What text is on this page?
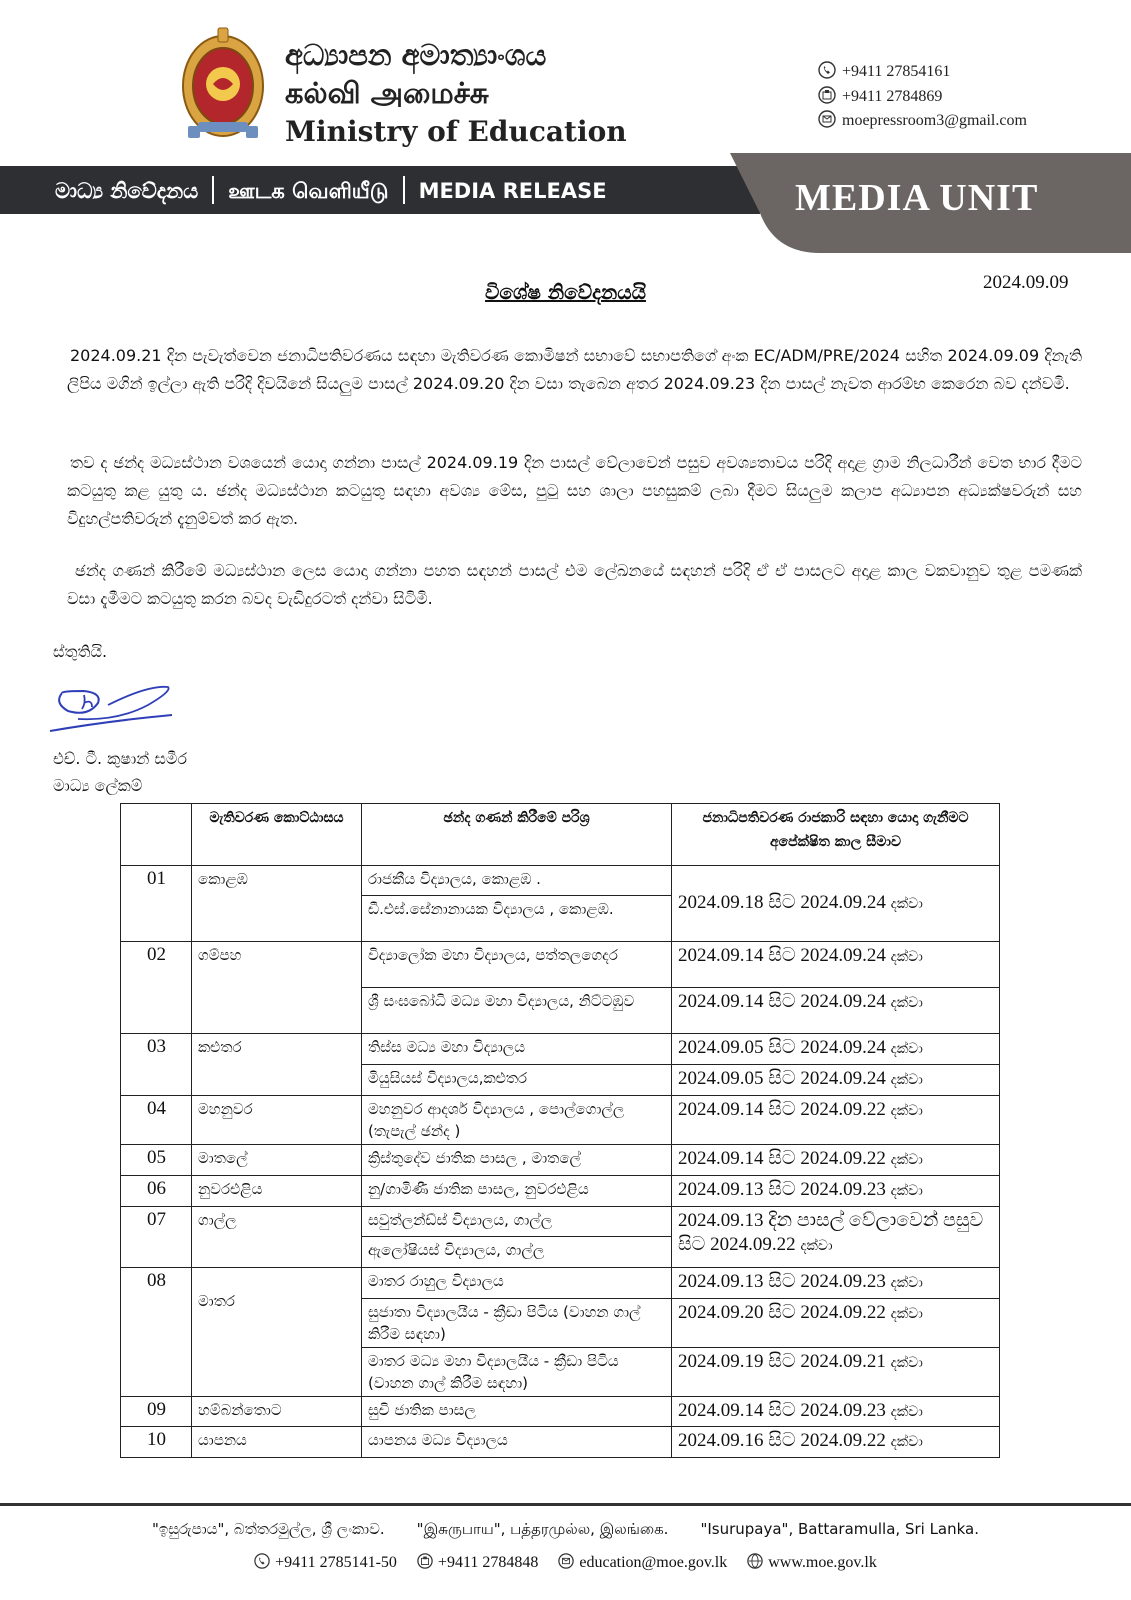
අධ්‍යාපන අමාත්‍යාංශය
கல்வி அமைச்சு
Ministry of Education
+9411 27854161
+9411 2784869
moepressroom3@gmail.com
මාධ්‍ය නිවේදනය ஊடக வெளியீடு MEDIA RELEASE	MEDIA UNIT
2024.09.09
විශේෂ නිවේදනයයි
2024.09.21 දින පැවැත්වෙන ජනාධිපතිවරණය සඳහා මැතිවරණ කොමිෂන් සභාවේ සභාපතිගේ අංක EC/ADM/PRE/2024 සහිත 2024.09.09 දිනැති ලිපිය මගින් ඉල්ලා ඇති පරිදි දිවයිනේ සියලුම පාසල් 2024.09.20 දින වසා තැබෙන අතර 2024.09.23 දින පාසල් නැවත ආරම්භ කෙරෙන බව දන්වමි.
තව ද ඡන්ද මධ්‍යස්ථාන වශයෙන් යොදා ගන්නා පාසල් 2024.09.19 දින පාසල් වේලාවෙන් පසුව අවශ්‍යතාවය පරිදි අදාළ ග්‍රාම නිලධාරීන් වෙත භාර දීමට කටයුතු කළ යුතු ය. ඡන්ද මධ්‍යස්ථාන කටයුතු සඳහා අවශ්‍ය මේස, පුටු සහ ශාලා පහසුකම් ලබා දීමට සියලුම කලාප අධ්‍යාපන අධ්‍යක්ෂවරුන් සහ විදුහල්පතිවරුන් දැනුම්වත් කර ඇත.
ඡන්ද ගණන් කිරීමේ මධ්‍යස්ථාන ලෙස යොදා ගන්නා පහත සඳහන් පාසල් එම ලේඛනයේ සඳහන් පරිදි ඒ ඒ පාසලට අදාළ කාල වකවානුව තුළ පමණක් වසා දැමීමට කටයුතු කරන බවද වැඩිදුරටත් දන්වා සිටිමි.
ස්තුතියි.
එච්. ටී. කුෂාන් සමීර
මාධ්‍ය ලේකම්
	මැතිවරණ කොට්ඨාසය	ඡන්ද ගණන් කිරීමේ පරිශ්‍ර	ජනාධිපතිවරණ රාජකාරි සඳහා යොදා ගැනීමට අපේක්ෂිත කාල සීමාව
01	කොළඹ	රාජකීය විද්‍යාලය, කොළඹ .	2024.09.18 සිට 2024.09.24 දක්වා
		ඩී.එස්.සේනානායක විද්‍යාලය , කොළඹ.	
02	ගම්පහ	විද්‍යාලෝක මහා විද්‍යාලය, පත්තලගෙදර	2024.09.14 සිට 2024.09.24 දක්වා
		ශ්‍රී සංඝබෝධි මධ්‍ය මහා විද්‍යාලය, නිට්ටඹුව	2024.09.14 සිට 2024.09.24 දක්වා
03	කළුතර	තිස්ස මධ්‍ය මහා විද්‍යාලය	2024.09.05 සිට 2024.09.24 දක්වා
		මියුසියස් විද්‍යාලය,කළුතර	2024.09.05 සිට 2024.09.24 දක්වා
04	මහනුවර	මහනුවර ආදර්ශ විද්‍යාලය , පොල්ගොල්ල (තැපැල් ඡන්ද )	2024.09.14 සිට 2024.09.22 දක්වා
05	මාතලේ	ක්‍රිස්තුදේව ජාතික පාසල , මාතලේ	2024.09.14 සිට 2024.09.22 දක්වා
06	නුවරඑළිය	නු/ගාමිණී ජාතික පාසල, නුවරඑළිය	2024.09.13 සිට 2024.09.23 දක්වා
07	ගාල්ල	සවුත්ලන්ඩ්ස් විද්‍යාලය, ගාල්ල	2024.09.13 දින පාසල් වේලාවෙන් පසුව සිට 2024.09.22 දක්වා
		ඇලෝෂියස් විද්‍යාලය, ගාල්ල	
08	මාතර	මාතර රාහුල විද්‍යාලය	2024.09.13 සිට 2024.09.23 දක්වා
		සුජාතා විද්‍යාලයීය - ක්‍රීඩා පිටිය (වාහන ගාල් කිරීම සඳහා)	2024.09.20 සිට 2024.09.22 දක්වා
		මාතර මධ්‍ය මහා විද්‍යාලයීය - ක්‍රීඩා පිටිය (වාහන ගාල් කිරීම සඳහා)	2024.09.19 සිට 2024.09.21 දක්වා
09	හම්බන්තොට	සුචි ජාතික පාසල	2024.09.14 සිට 2024.09.23 දක්වා
10	යාපනය	යාපනය මධ්‍ය විද්‍යාලය	2024.09.16 සිට 2024.09.22 දක්වා
"ඉසුරුපාය", බත්තරමුල්ල, ශ්‍රී ලංකාව. "இசுருபாய", பத்தரமுல்ல, இலங்கை. "Isurupaya", Battaramulla, Sri Lanka.
+9411 2785141-50	+9411 2784848	education@moe.gov.lk	www.moe.gov.lk
